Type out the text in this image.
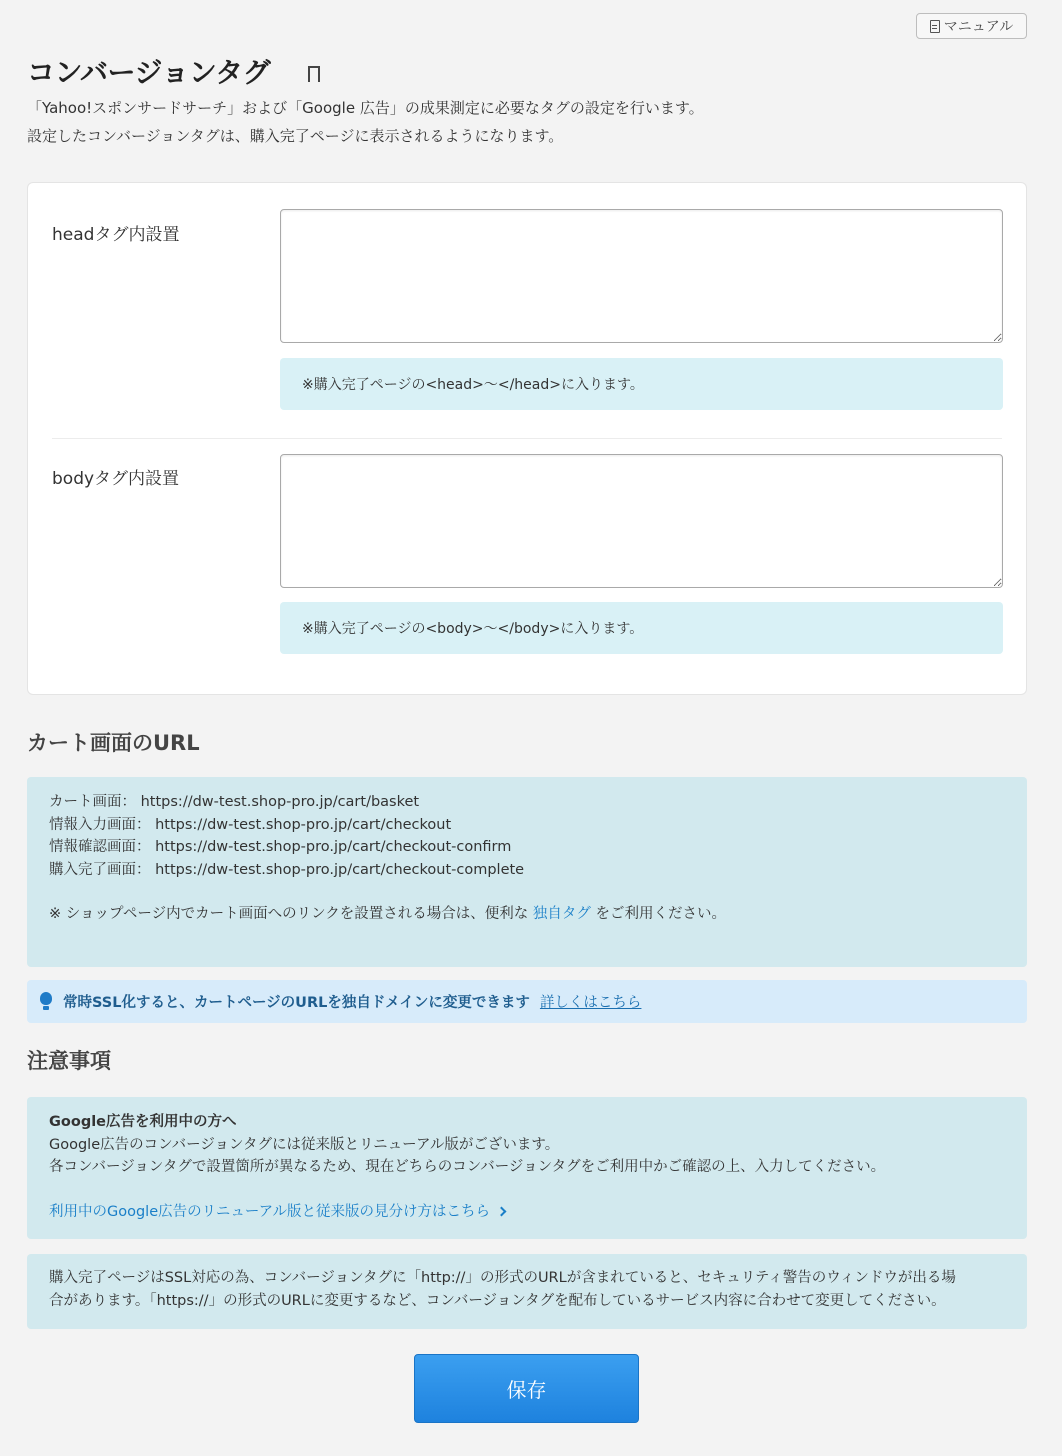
マニュアル
コンバージョンタグ

「Yahoo!スポンサードサーチ」および「Google 広告」の成果測定に必要なタグの設定を行います。

設定したコンバージョンタグは、購入完了ページに表示されるようになります。

headタグ内設置
※購入完了ページの<head>～</head>に入ります。
bodyタグ内設置
※購入完了ページの<body>～</body>に入ります。
カート画面のURL
カート画面： https://dw-test.shop-pro.jp/cart/basket
情報入力画面： https://dw-test.shop-pro.jp/cart/checkout
情報確認画面： https://dw-test.shop-pro.jp/cart/checkout-confirm
購入完了画面： https://dw-test.shop-pro.jp/cart/checkout-complete
※ ショップページ内でカート画面へのリンクを設置される場合は、便利な 独自タグ をご利用ください。
常時SSL化すると、カートページのURLを独自ドメインに変更できます 詳しくはこちら
注意事項
Google広告を利用中の方へ
Google広告のコンバージョンタグには従来版とリニューアル版がございます。
各コンバージョンタグで設置箇所が異なるため、現在どちらのコンバージョンタグをご利用中かご確認の上、入力してください。
利用中のGoogle広告のリニューアル版と従来版の見分け方はこちら
購入完了ページはSSL対応の為、コンバージョンタグに「http://」の形式のURLが含まれていると、セキュリティ警告のウィンドウが出る場
合があります。「https://」の形式のURLに変更するなど、コンバージョンタグを配布しているサービス内容に合わせて変更してください。
保存
